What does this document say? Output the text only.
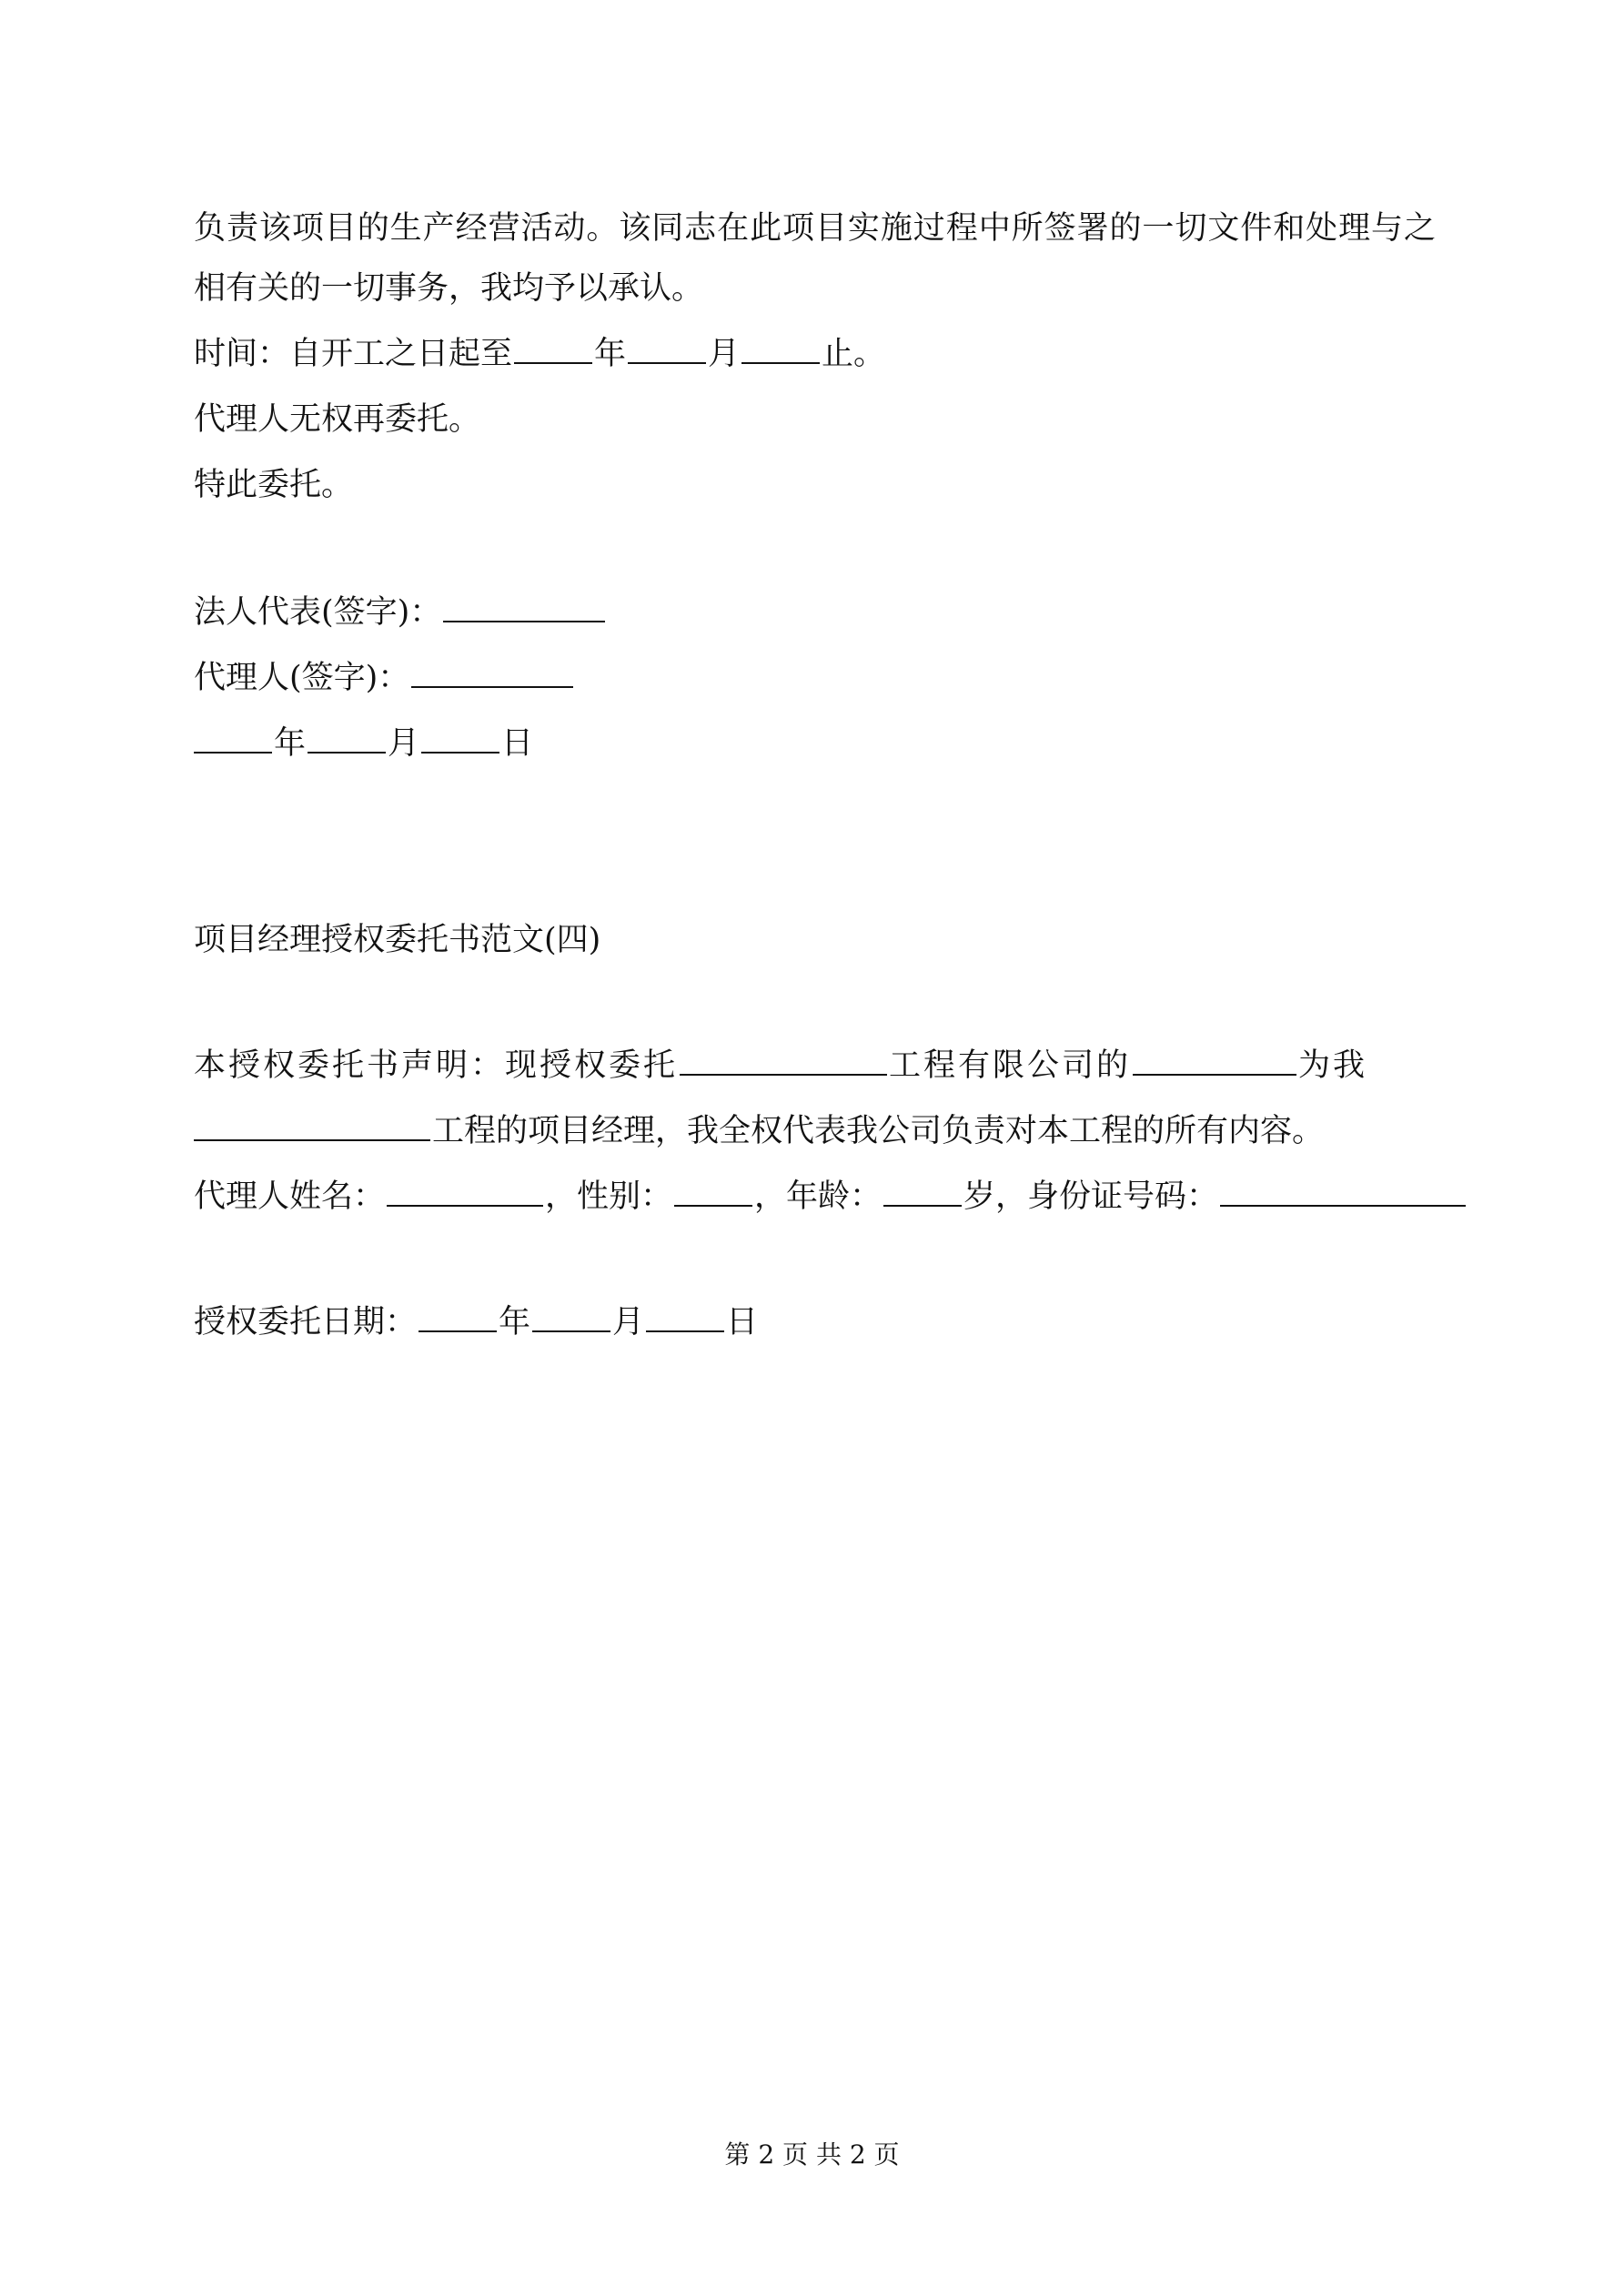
负责该项目的生产经营活动。该同志在此项目实施过程中所签署的一切文件和处理与之

相有关的一切事务，我均予以承认。

时间：自开工之日起至	年	月	止。

代理人无权再委托。

特此委托。

法人代表(签字)：

代理人(签字)：

年	月	日

项目经理授权委托书范文(四)

本授权委托书声明：现授权委托	工程有限公司的	为我

工程的项目经理，我全权代表我公司负责对本工程的所有内容。

代理人姓名：	，性别：	，年龄：	岁，身份证号码：

授权委托日期：	年	月	日

第 2 页 共 2 页
